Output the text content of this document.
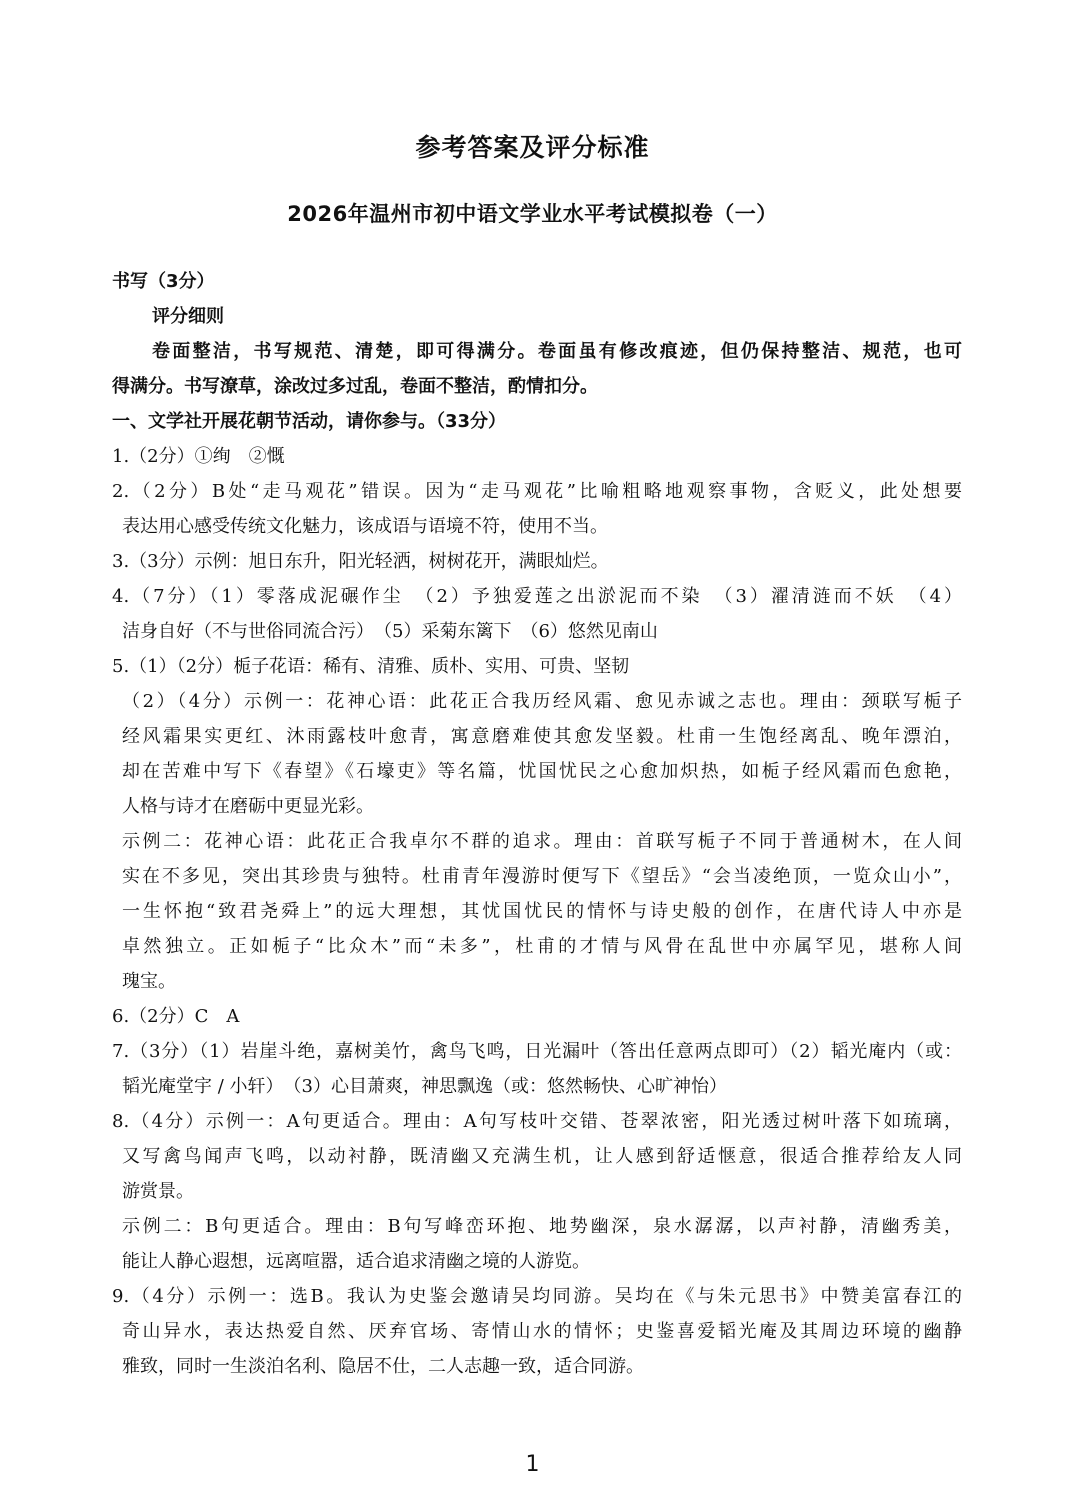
参考答案及评分标准
2026年温州市初中语文学业水平考试模拟卷（一）
书写（3分）
评分细则
卷面整洁，书写规范、清楚，即可得满分。卷面虽有修改痕迹，但仍保持整洁、规范，也可
得满分。书写潦草，涂改过多过乱，卷面不整洁，酌情扣分。
一、文学社开展花朝节活动，请你参与。（33分）
1.（2分）①绚　②慨
2.（2分）B处“走马观花”错误。因为“走马观花”比喻粗略地观察事物，含贬义，此处想要
表达用心感受传统文化魅力，该成语与语境不符，使用不当。
3.（3分）示例：旭日东升，阳光轻洒，树树花开，满眼灿烂。
4.（7分）（1）零落成泥碾作尘　（2）予独爱莲之出淤泥而不染　（3）濯清涟而不妖　（4）
洁身自好（不与世俗同流合污）　（5）采菊东篱下　（6）悠然见南山
5.（1）（2分）栀子花语：稀有、清雅、质朴、实用、可贵、坚韧
（2）（4分）示例一：花神心语：此花正合我历经风霜、愈见赤诚之志也。理由：颈联写栀子
经风霜果实更红、沐雨露枝叶愈青，寓意磨难使其愈发坚毅。杜甫一生饱经离乱、晚年漂泊，
却在苦难中写下《春望》《石壕吏》等名篇，忧国忧民之心愈加炽热，如栀子经风霜而色愈艳，
人格与诗才在磨砺中更显光彩。
示例二：花神心语：此花正合我卓尔不群的追求。理由：首联写栀子不同于普通树木，在人间
实在不多见，突出其珍贵与独特。杜甫青年漫游时便写下《望岳》“会当凌绝顶，一览众山小”，
一生怀抱“致君尧舜上”的远大理想，其忧国忧民的情怀与诗史般的创作，在唐代诗人中亦是
卓然独立。正如栀子“比众木”而“未多”，杜甫的才情与风骨在乱世中亦属罕见，堪称人间
瑰宝。
6.（2分）C　A
7.（3分）（1）岩崖斗绝，嘉树美竹，禽鸟飞鸣，日光漏叶（答出任意两点即可）（2）韬光庵内（或：
韬光庵堂宇 / 小轩）　（3）心目萧爽，神思飘逸（或：悠然畅快、心旷神怡）
8.（4分）示例一：A句更适合。理由：A句写枝叶交错、苍翠浓密，阳光透过树叶落下如琉璃，
又写禽鸟闻声飞鸣，以动衬静，既清幽又充满生机，让人感到舒适惬意，很适合推荐给友人同
游赏景。
示例二：B句更适合。理由：B句写峰峦环抱、地势幽深，泉水潺潺，以声衬静，清幽秀美，
能让人静心遐想，远离喧嚣，适合追求清幽之境的人游览。
9.（4分）示例一：选B。我认为史鉴会邀请吴均同游。吴均在《与朱元思书》中赞美富春江的
奇山异水，表达热爱自然、厌弃官场、寄情山水的情怀；史鉴喜爱韬光庵及其周边环境的幽静
雅致，同时一生淡泊名利、隐居不仕，二人志趣一致，适合同游。
1
